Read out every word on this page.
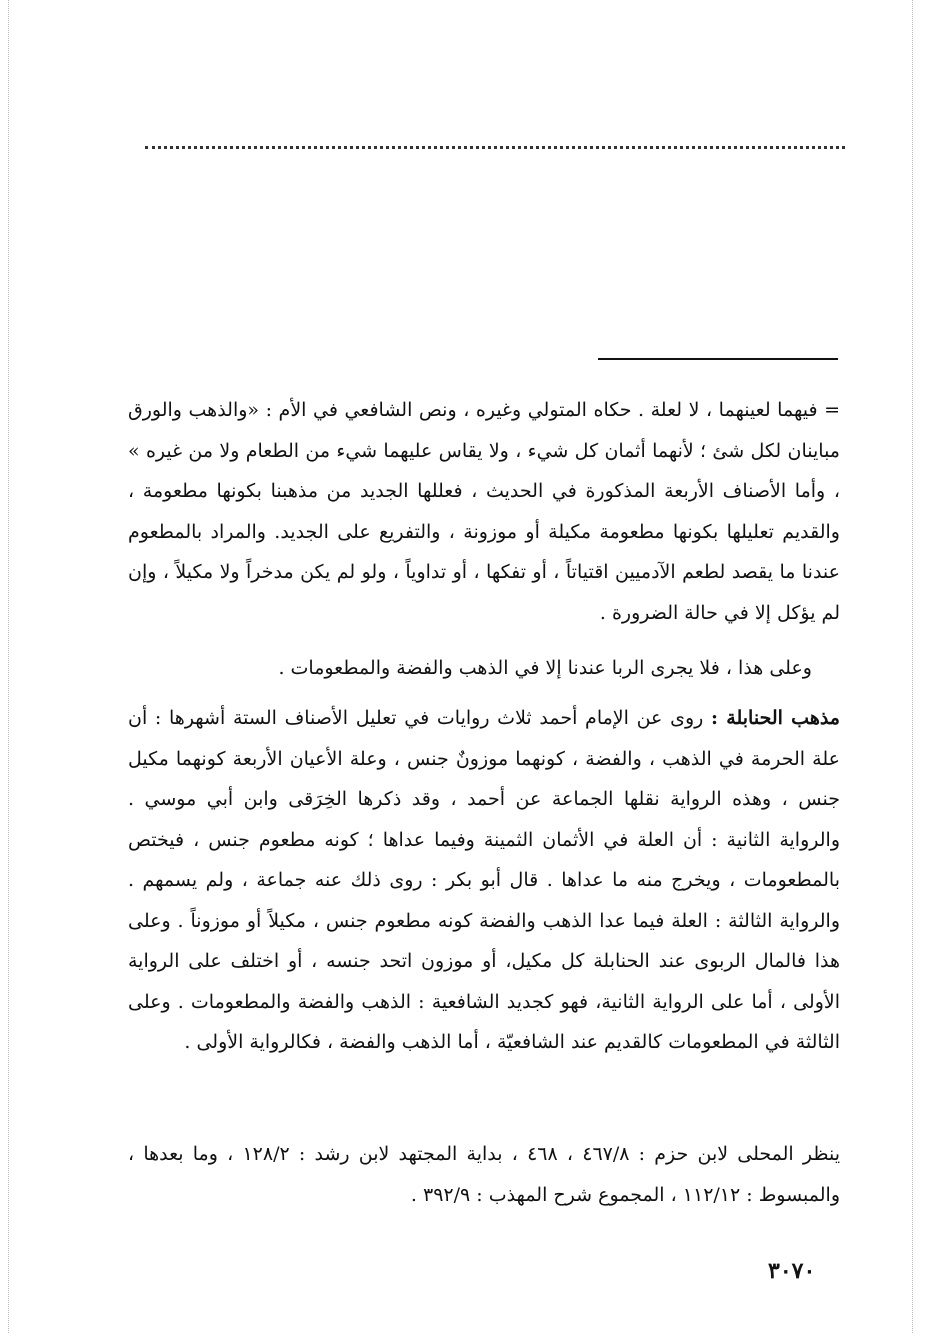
= فيهما لعينهما ، لا لعلة . حكاه المتولي وغيره ، ونص الشافعي في الأم : «والذهب والورق مباينان لكل شئ ؛ لأنهما أثمان كل شيء ، ولا يقاس عليهما شيء من الطعام ولا من غيره » ، وأما الأصناف الأربعة المذكورة في الحديث ، فعللها الجديد من مذهبنا بكونها مطعومة ، والقديم تعليلها بكونها مطعومة مكيلة أو موزونة ، والتفريع على الجديد. والمراد بالمطعوم عندنا ما يقصد لطعم الآدميين اقتياتاً ، أو تفكها ، أو تداوياً ، ولو لم يكن مدخراً ولا مكيلاً ، وإن لم يؤكل إلا في حالة الضرورة .

وعلى هذا ، فلا يجرى الربا عندنا إلا في الذهب والفضة والمطعومات .

مذهب الحنابلة : روى عن الإمام أحمد ثلاث روايات في تعليل الأصناف الستة أشهرها : أن علة الحرمة في الذهب ، والفضة ، كونهما موزونٌ جنس ، وعلة الأعيان الأربعة كونهما مكيل جنس ، وهذه الرواية نقلها الجماعة عن أحمد ، وقد ذكرها الخِرَقى وابن أبي موسي . والرواية الثانية : أن العلة في الأثمان الثمينة وفيما عداها ؛ كونه مطعوم جنس ، فيختص بالمطعومات ، ويخرج منه ما عداها . قال أبو بكر : روى ذلك عنه جماعة ، ولم يسمهم . والرواية الثالثة : العلة فيما عدا الذهب والفضة كونه مطعوم جنس ، مكيلاً أو موزوناً . وعلى هذا فالمال الربوى عند الحنابلة كل مكيل، أو موزون اتحد جنسه ، أو اختلف على الرواية الأولى ، أما على الرواية الثانية، فهو كجديد الشافعية : الذهب والفضة والمطعومات . وعلى الثالثة في المطعومات كالقديم عند الشافعيّة ، أما الذهب والفضة ، فكالرواية الأولى .

ينظر المحلى لابن حزم : ٤٦٧/٨ ، ٤٦٨ ، بداية المجتهد لابن رشد : ١٢٨/٢ ، وما بعدها ، والمبسوط : ١١٢/١٢ ، المجموع شرح المهذب : ٣٩٢/٩ .

٣٠٧٠
